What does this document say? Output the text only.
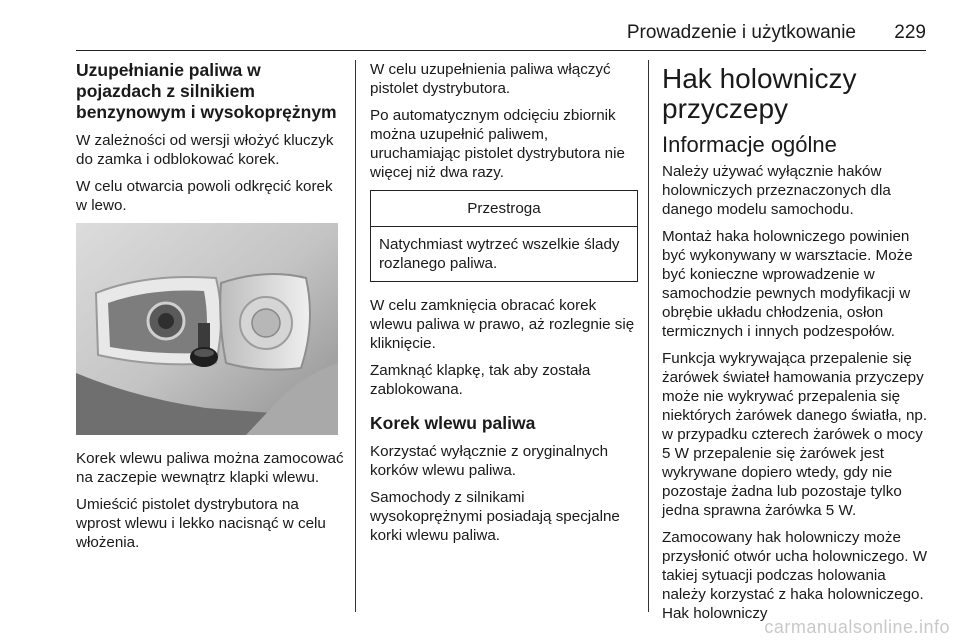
Prowadzenie i użytkowanie 229
Uzupełnianie paliwa w pojazdach z silnikiem benzynowym i wysokoprężnym
W zależności od wersji włożyć kluczyk do zamka i odblokować korek.
W celu otwarcia powoli odkręcić korek w lewo.
Korek wlewu paliwa można zamocować na zaczepie wewnątrz klapki wlewu.
Umieścić pistolet dystrybutora na wprost wlewu i lekko nacisnąć w celu włożenia.
W celu uzupełnienia paliwa włączyć pistolet dystrybutora.
Po automatycznym odcięciu zbiornik można uzupełnić paliwem, uruchamiając pistolet dystrybutora nie więcej niż dwa razy.
Przestroga
Natychmiast wytrzeć wszelkie ślady rozlanego paliwa.
W celu zamknięcia obracać korek wlewu paliwa w prawo, aż rozlegnie się kliknięcie.
Zamknąć klapkę, tak aby została zablokowana.
Korek wlewu paliwa
Korzystać wyłącznie z oryginalnych korków wlewu paliwa.
Samochody z silnikami wysokoprężnymi posiadają specjalne korki wlewu paliwa.
Hak holowniczy przyczepy
Informacje ogólne
Należy używać wyłącznie haków holowniczych przeznaczonych dla danego modelu samochodu.
Montaż haka holowniczego powinien być wykonywany w warsztacie. Może być konieczne wprowadzenie w samochodzie pewnych modyfikacji w obrębie układu chłodzenia, osłon termicznych i innych podzespołów.
Funkcja wykrywająca przepalenie się żarówek świateł hamowania przyczepy może nie wykrywać przepalenia się niektórych żarówek danego światła, np. w przypadku czterech żarówek o mocy 5 W przepalenie się żarówek jest wykrywane dopiero wtedy, gdy nie pozostaje żadna lub pozostaje tylko jedna sprawna żarówka 5 W.
Zamocowany hak holowniczy może przysłonić otwór ucha holowniczego. W takiej sytuacji podczas holowania należy korzystać z haka holowniczego. Hak holowniczy
carmanualsonline.info
